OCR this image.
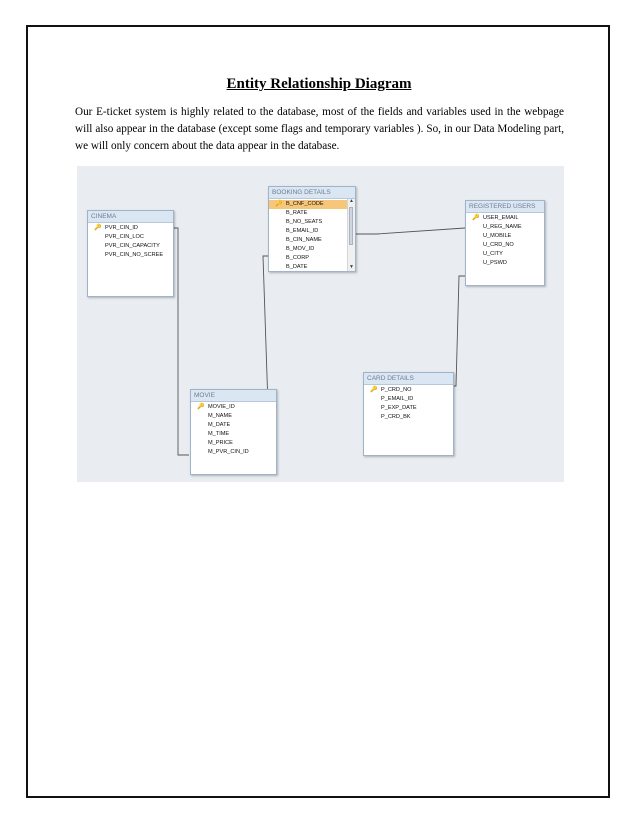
Entity Relationship Diagram
Our E-ticket system is highly related to the database, most of the fields and variables used in the webpage will also appear in the database (except some flags and temporary variables ). So, in our Data Modeling part, we will only concern about the data appear in the database.
CINEMA
🔑 PVR_CIN_ID
PVR_CIN_LOC
PVR_CIN_CAPACITY
PVR_CIN_NO_SCREE
BOOKING DETAILS
🔑 B_CNF_CODE
B_RATE
B_NO_SEATS
B_EMAIL_ID
B_CIN_NAME
B_MOV_ID
B_CORP
B_DATE
▲
▼
REGISTERED USERS
🔑 USER_EMAIL
U_REG_NAME
U_MOBILE
U_CRD_NO
U_CITY
U_PSWD
MOVIE
🔑 MOVIE_ID
M_NAME
M_DATE
M_TIME
M_PRICE
M_PVR_CIN_ID
CARD DETAILS
🔑 P_CRD_NO
P_EMAIL_ID
P_EXP_DATE
P_CRD_BK
